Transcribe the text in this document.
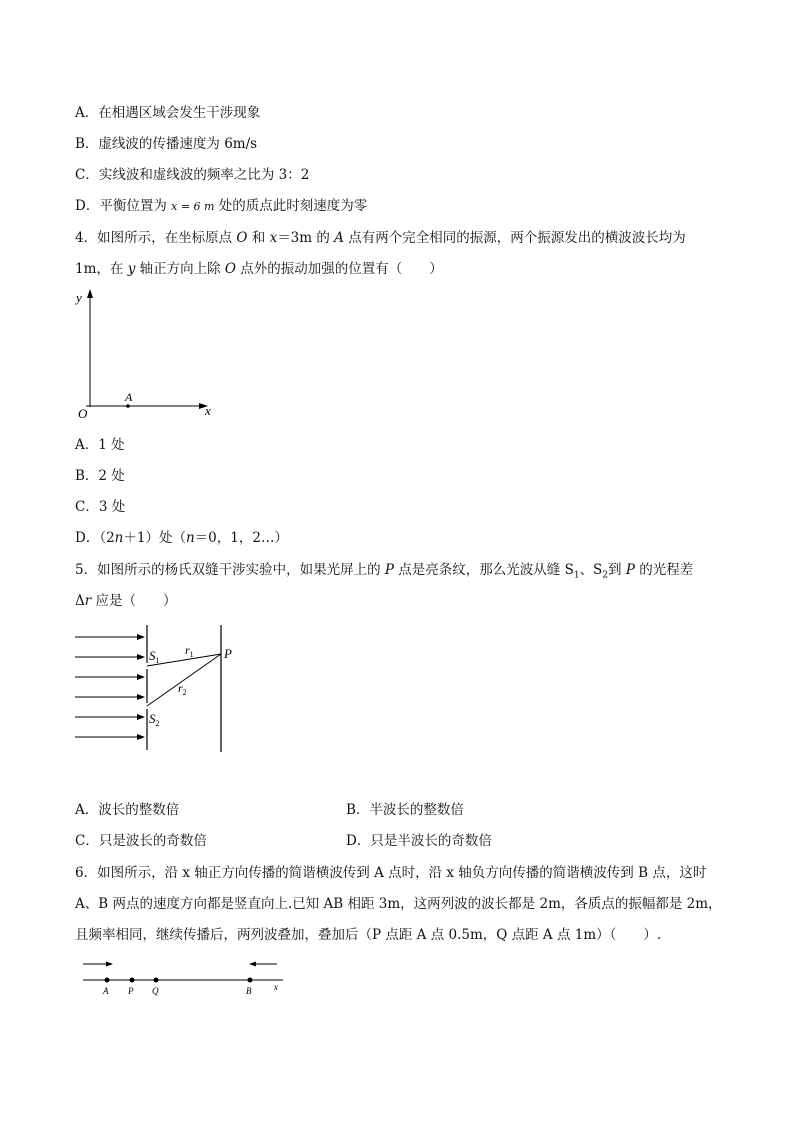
A．在相遇区域会发生干涉现象
B．虚线波的传播速度为 6m/s
C．实线波和虚线波的频率之比为 3：2
D．平衡位置为 x = 6 m 处的质点此时刻速度为零
4．如图所示，在坐标原点 O 和 x＝3m 的 A 点有两个完全相同的振源，两个振源发出的横波波长均为
1m，在 y 轴正方向上除 O 点外的振动加强的位置有（　　）
y
x
O
A
A．1 处
B．2 处
C．3 处
D．（2n＋1）处（n＝0，1，2…）
5．如图所示的杨氏双缝干涉实验中，如果光屏上的 P 点是亮条纹，那么光波从缝 $S_1$、$S_2$到 P 的光程差
Δr 应是（　　）
$S_1$
$S_2$
$r_1$
$r_2$
P
A．波长的整数倍	B．半波长的整数倍
C．只是波长的奇数倍	D．只是半波长的奇数倍
6．如图所示，沿 x 轴正方向传播的简谐横波传到 A 点时，沿 x 轴负方向传播的简谐横波传到 B 点，这时
A、B 两点的速度方向都是竖直向上.已知 AB 相距 3m，这两列波的波长都是 2m，各质点的振幅都是 2m，
且频率相同，继续传播后，两列波叠加，叠加后（P 点距 A 点 0.5m，Q 点距 A 点 1m）（　　）.
A P Q	B	x
